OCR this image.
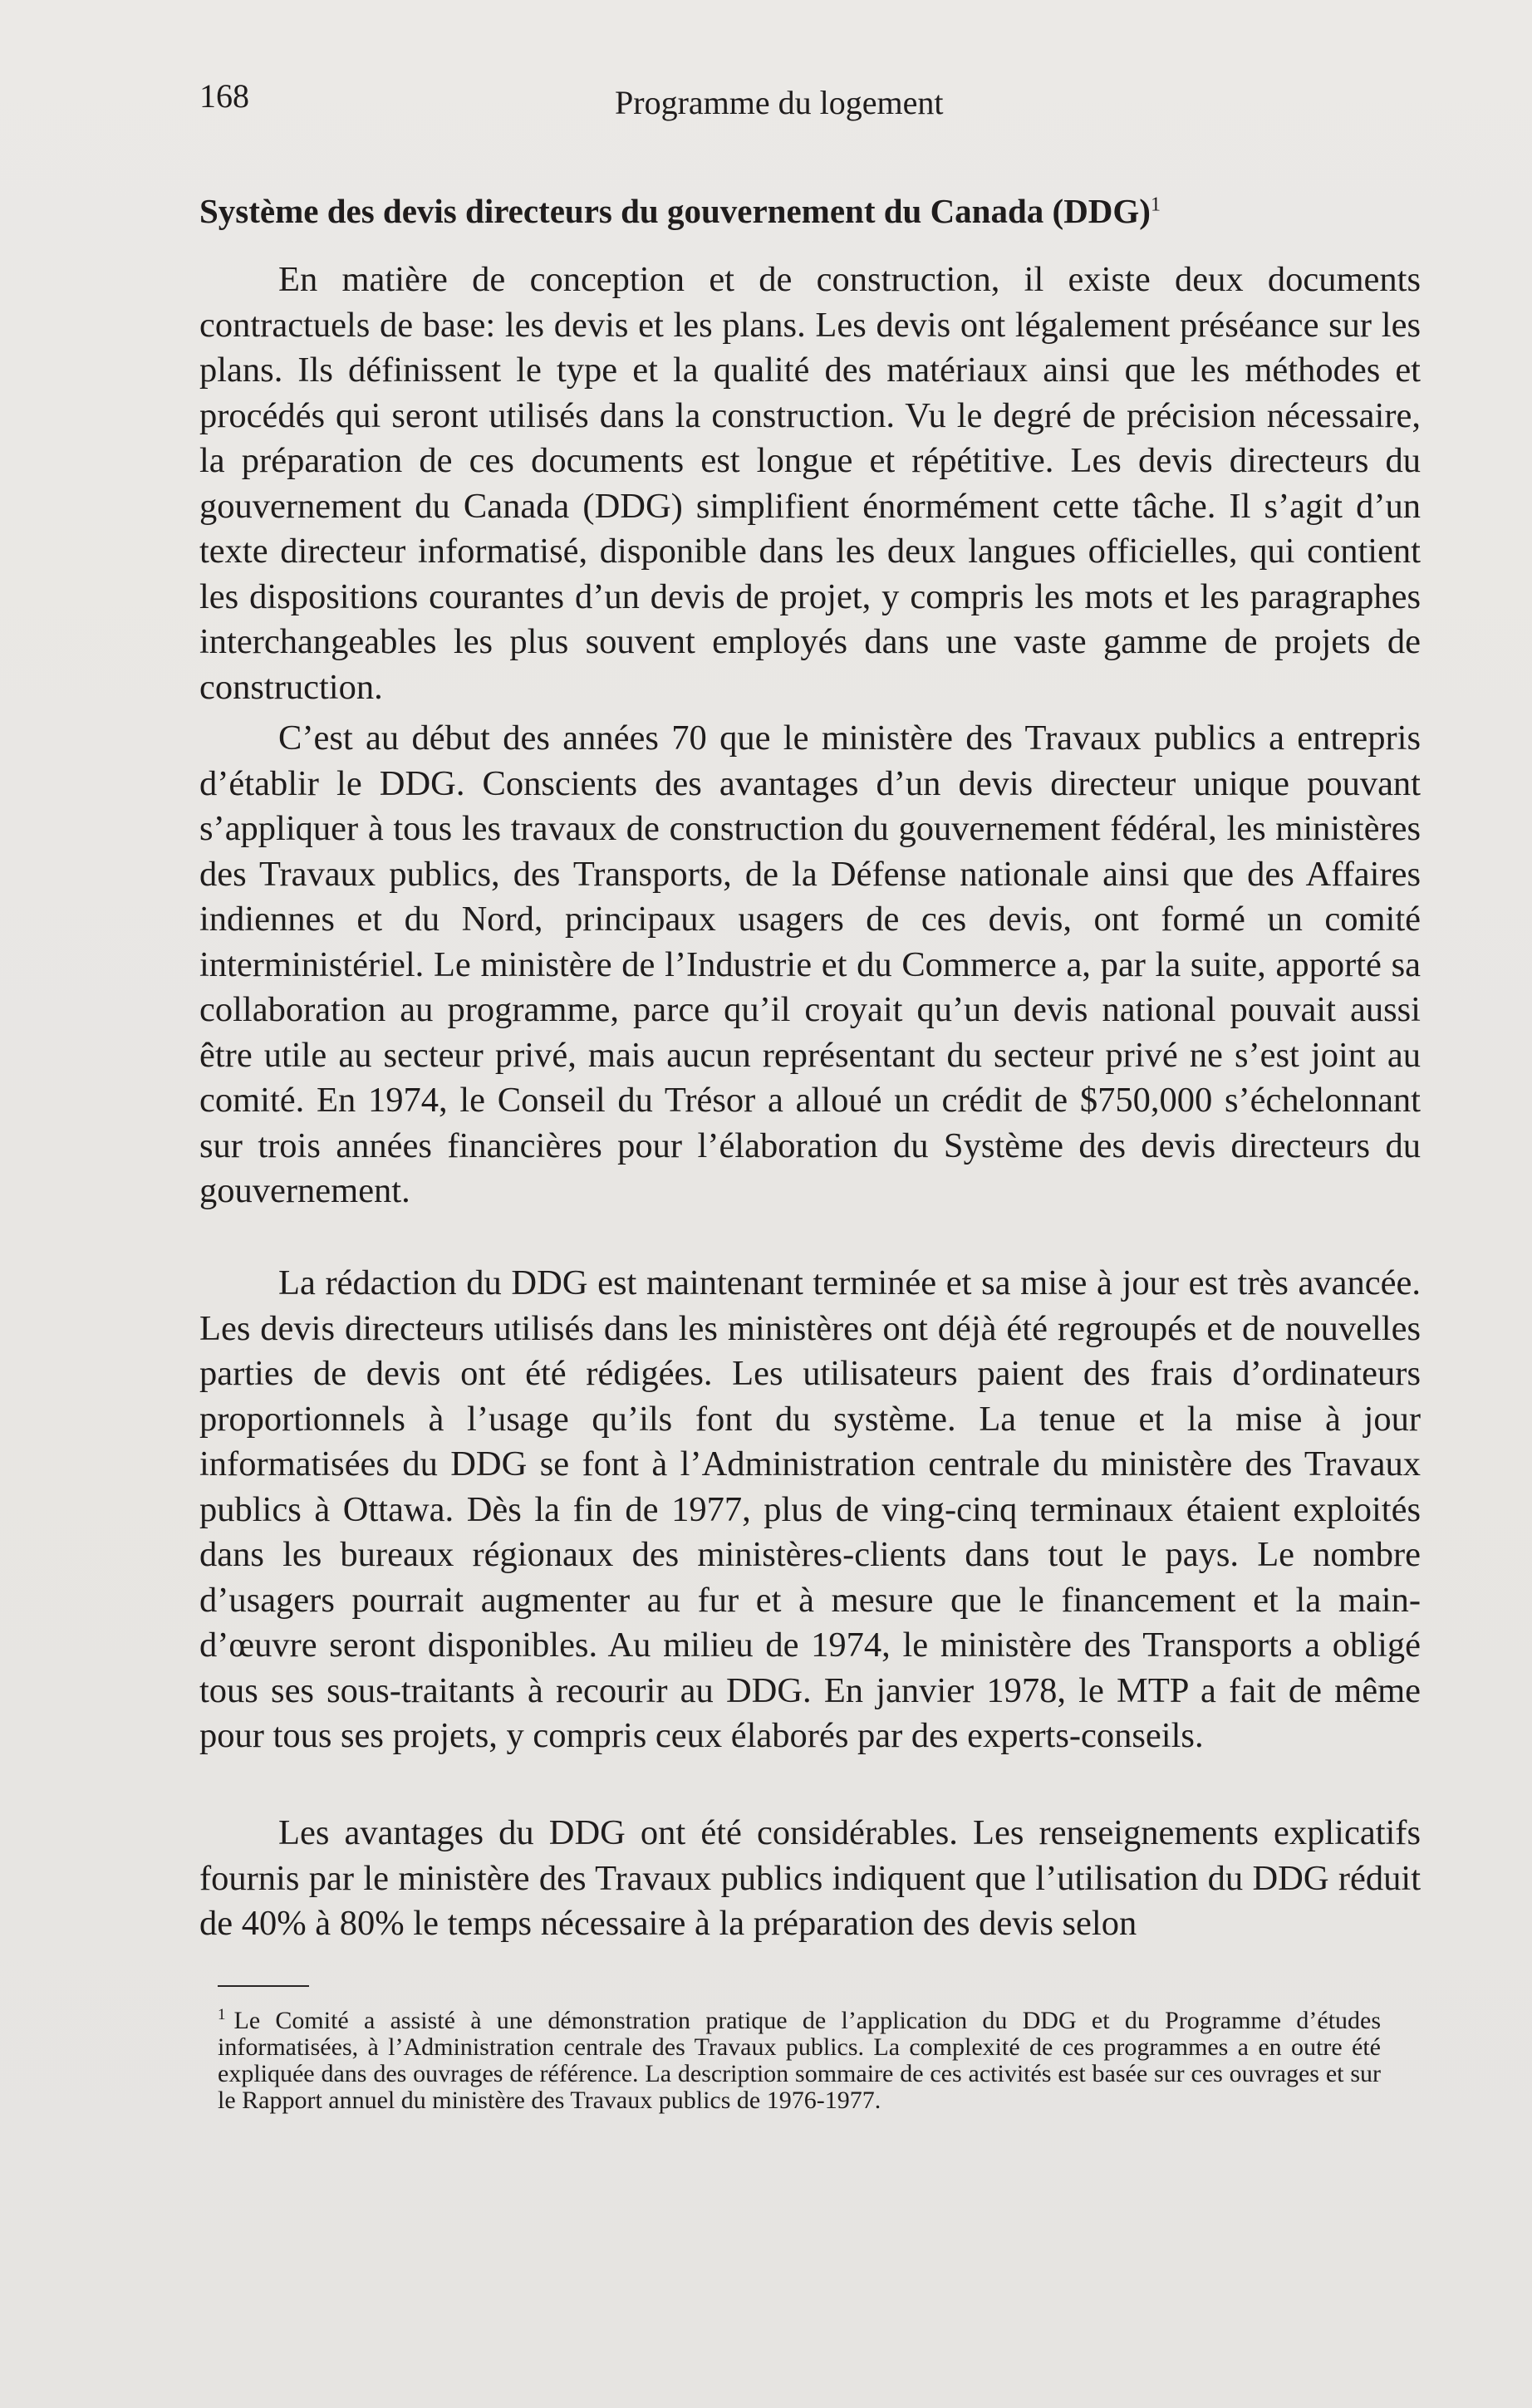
168	Programme du logement
Système des devis directeurs du gouvernement du Canada (DDG)$^1$

En matière de conception et de construction, il existe deux documents contractuels de base: les devis et les plans. Les devis ont légalement préséance sur les plans. Ils définissent le type et la qualité des matériaux ainsi que les méthodes et procédés qui seront utilisés dans la construction. Vu le degré de précision nécessaire, la préparation de ces documents est longue et répétitive. Les devis directeurs du gouvernement du Canada (DDG) simplifient énormément cette tâche. Il s’agit d’un texte directeur informatisé, disponible dans les deux langues officielles, qui contient les dispositions courantes d’un devis de projet, y compris les mots et les paragraphes interchangeables les plus souvent employés dans une vaste gamme de projets de construction.

C’est au début des années 70 que le ministère des Travaux publics a entrepris d’établir le DDG. Conscients des avantages d’un devis directeur unique pouvant s’appliquer à tous les travaux de construction du gouvernement fédéral, les ministères des Travaux publics, des Transports, de la Défense nationale ainsi que des Affaires indiennes et du Nord, principaux usagers de ces devis, ont formé un comité interministériel. Le ministère de l’Industrie et du Commerce a, par la suite, apporté sa collaboration au programme, parce qu’il croyait qu’un devis national pouvait aussi être utile au secteur privé, mais aucun représentant du secteur privé ne s’est joint au comité. En 1974, le Conseil du Trésor a alloué un crédit de $750,000 s’échelonnant sur trois années financières pour l’élaboration du Système des devis directeurs du gouvernement.

La rédaction du DDG est maintenant terminée et sa mise à jour est très avancée. Les devis directeurs utilisés dans les ministères ont déjà été regroupés et de nouvelles parties de devis ont été rédigées. Les utilisateurs paient des frais d’ordinateurs proportionnels à l’usage qu’ils font du système. La tenue et la mise à jour informatisées du DDG se font à l’Administration centrale du ministère des Travaux publics à Ottawa. Dès la fin de 1977, plus de ving-cinq terminaux étaient exploités dans les bureaux régionaux des ministères-clients dans tout le pays. Le nombre d’usagers pourrait augmenter au fur et à mesure que le financement et la main-d’œuvre seront disponibles. Au milieu de 1974, le ministère des Transports a obligé tous ses sous-traitants à recourir au DDG. En janvier 1978, le MTP a fait de même pour tous ses projets, y compris ceux élaborés par des experts-conseils.

Les avantages du DDG ont été considérables. Les renseignements explicatifs fournis par le ministère des Travaux publics indiquent que l’utilisation du DDG réduit de 40% à 80% le temps nécessaire à la préparation des devis selon

$^1$ Le Comité a assisté à une démonstration pratique de l’application du DDG et du Programme d’études informatisées, à l’Administration centrale des Travaux publics. La complexité de ces programmes a en outre été expliquée dans des ouvrages de référence. La description sommaire de ces activités est basée sur ces ouvrages et sur le Rapport annuel du ministère des Travaux publics de 1976-1977.
